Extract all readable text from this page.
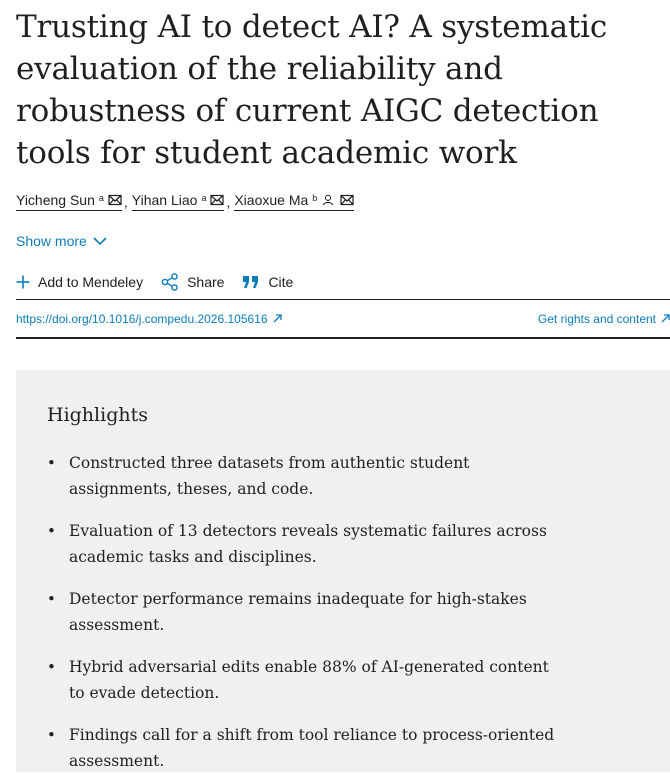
Trusting AI to detect AI? A systematic evaluation of the reliability and robustness of current AIGC detection tools for student academic work
Yicheng Sun $^a$ , Yihan Liao $^a$ , Xiaoxue Ma $^b$
Show more
Add to Mendeley	Share	Cite
https://doi.org/10.1016/j.compedu.2026.105616	Get rights and content
Highlights
• Constructed three datasets from authentic student assignments, theses, and code.
• Evaluation of 13 detectors reveals systematic failures across academic tasks and disciplines.
• Detector performance remains inadequate for high-stakes assessment.
• Hybrid adversarial edits enable 88% of AI-generated content to evade detection.
• Findings call for a shift from tool reliance to process-oriented assessment.
